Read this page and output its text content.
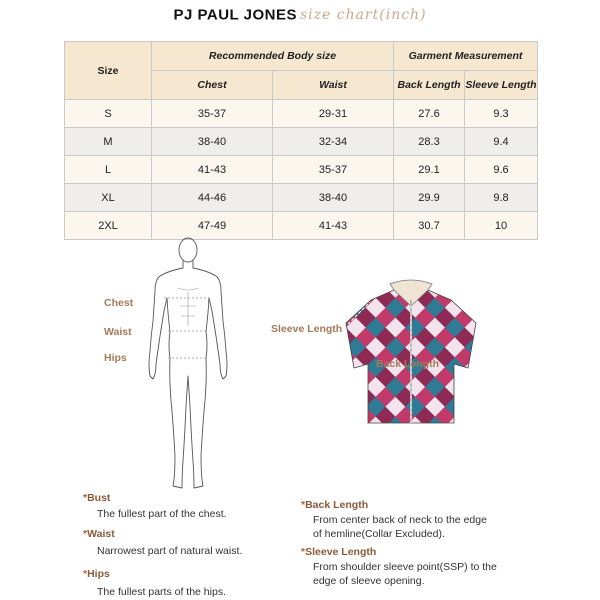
PJ PAUL JONES size chart(inch)
Size	Recommended Body size		Garment Measurement	
	Chest	Waist	Back Length	Sleeve Length
S	35-37	29-31	27.6	9.3
M	38-40	32-34	28.3	9.4
L	41-43	35-37	29.1	9.6
XL	44-46	38-40	29.9	9.8
2XL	47-49	41-43	30.7	10
Chest
Waist
Hips
Sleeve Length
Back Length
*Bust
The fullest part of the chest.
*Waist
Narrowest part of natural waist.
*Hips
The fullest parts of the hips.
*Back Length
From center back of neck to the edge
of hemline(Collar Excluded).
*Sleeve Length
From shoulder sleeve point(SSP) to the
edge of sleeve opening.
